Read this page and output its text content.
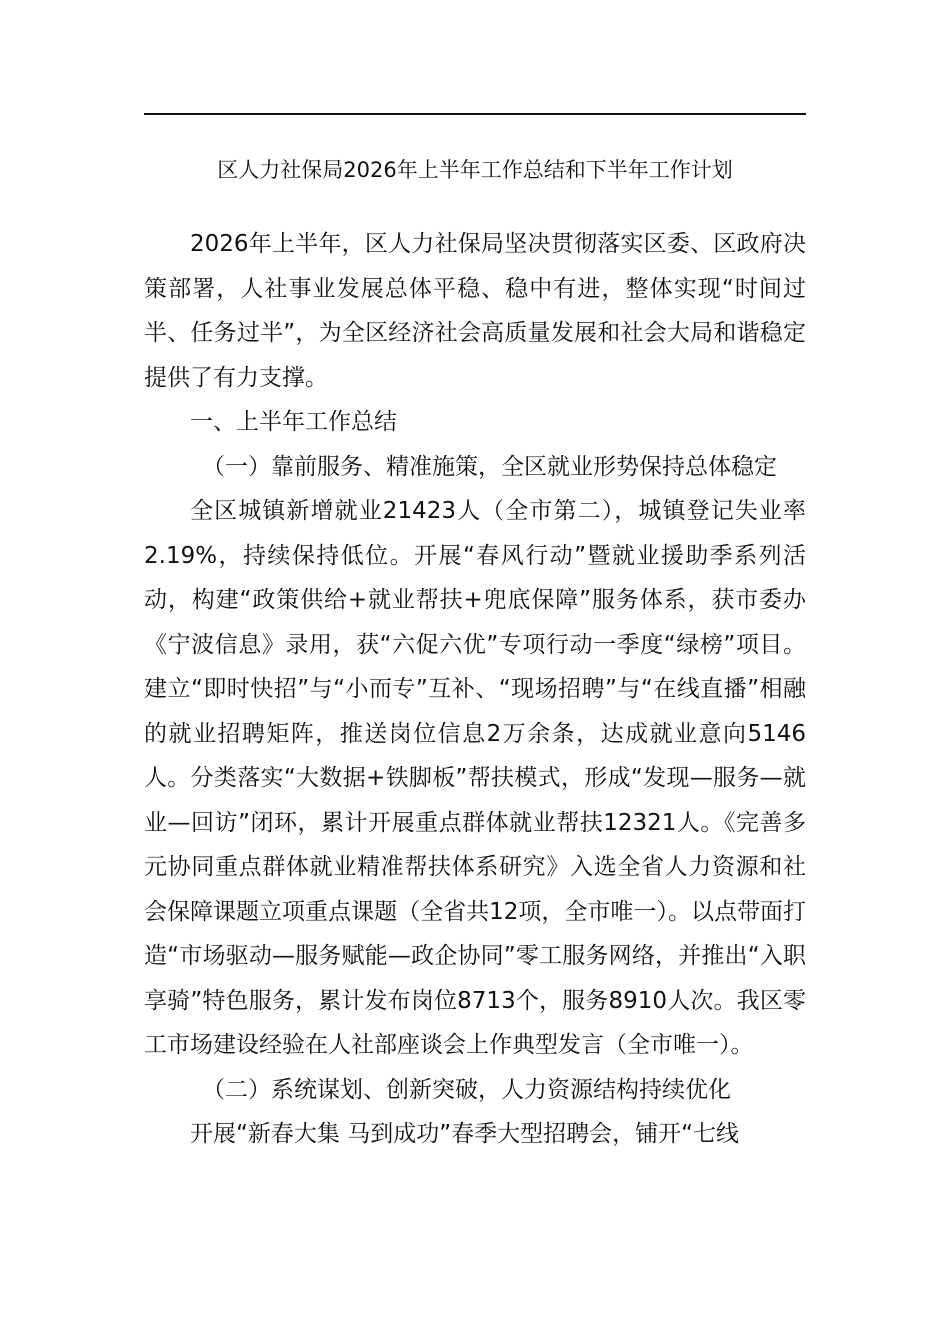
区人力社保局2026年上半年工作总结和下半年工作计划

2026年上半年，区人力社保局坚决贯彻落实区委、区政府决策部署，人社事业发展总体平稳、稳中有进，整体实现“时间过半、任务过半”，为全区经济社会高质量发展和社会大局和谐稳定提供了有力支撑。

一、上半年工作总结

（一）靠前服务、精准施策，全区就业形势保持总体稳定

全区城镇新增就业21423人（全市第二），城镇登记失业率2.19%，持续保持低位。开展“春风行动”暨就业援助季系列活动，构建“政策供给+就业帮扶+兜底保障”服务体系，获市委办《宁波信息》录用，获“六促六优”专项行动一季度“绿榜”项目。建立“即时快招”与“小而专”互补、“现场招聘”与“在线直播”相融的就业招聘矩阵，推送岗位信息2万余条，达成就业意向5146人。分类落实“大数据+铁脚板”帮扶模式，形成“发现—服务—就业—回访”闭环，累计开展重点群体就业帮扶12321人。《完善多元协同重点群体就业精准帮扶体系研究》入选全省人力资源和社会保障课题立项重点课题（全省共12项，全市唯一）。以点带面打造“市场驱动—服务赋能—政企协同”零工服务网络，并推出“入职享骑”特色服务，累计发布岗位8713个，服务8910人次。我区零工市场建设经验在人社部座谈会上作典型发言（全市唯一）。

（二）系统谋划、创新突破，人力资源结构持续优化

开展“新春大集 马到成功”春季大型招聘会，铺开“七线
